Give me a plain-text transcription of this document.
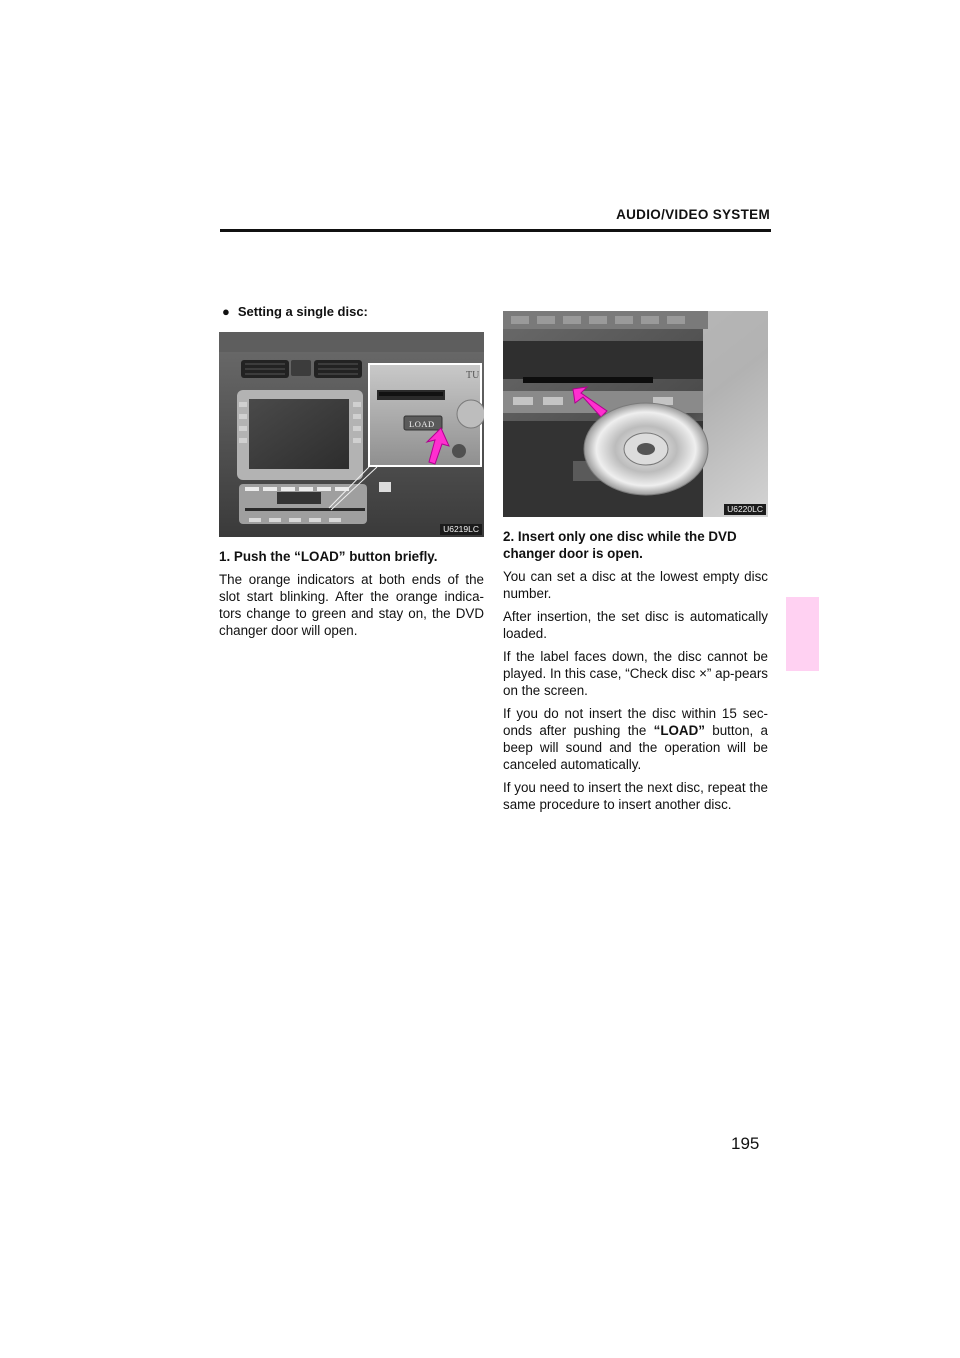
AUDIO/VIDEO SYSTEM
● Setting a single disc:
TU
LOAD
U6219LC
1. Push the “LOAD” button briefly.

The orange indicators at both ends of the slot start blinking. After the orange indica-tors change to green and stay on, the DVD changer door will open.

U6220LC
2. Insert only one disc while the DVD changer door is open.

You can set a disc at the lowest empty disc number.

After insertion, the set disc is automatically loaded.

If the label faces down, the disc cannot be played. In this case, “Check disc ×” ap-pears on the screen.

If you do not insert the disc within 15 sec-onds after pushing the “LOAD” button, a beep will sound and the operation will be canceled automatically.

If you need to insert the next disc, repeat the same procedure to insert another disc.

195
